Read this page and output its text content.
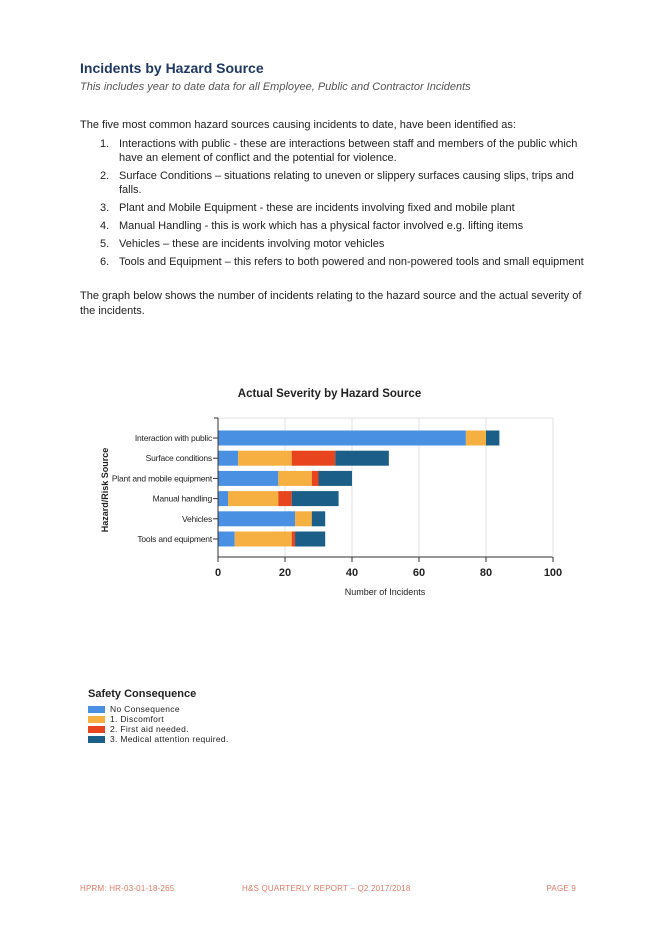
Incidents by Hazard Source

This includes year to date data for all Employee, Public and Contractor Incidents

The five most common hazard sources causing incidents to date, have been identified as:

1. Interactions with public - these are interactions between staff and members of the public which have an element of conflict and the potential for violence.
2. Surface Conditions – situations relating to uneven or slippery surfaces causing slips, trips and falls.
3. Plant and Mobile Equipment - these are incidents involving fixed and mobile plant
4. Manual Handling - this is work which has a physical factor involved e.g. lifting items
5. Vehicles – these are incidents involving motor vehicles
6. Tools and Equipment – this refers to both powered and non-powered tools and small equipment

The graph below shows the number of incidents relating to the hazard source and the actual severity of the incidents.

Interaction with public
Surface conditions
Plant and mobile equipment
Manual handling
Vehicles
Tools and equipment
0	20	40	60	80	100
Actual Severity by Hazard Source
Number of Incidents
Hazard/Risk Source
Safety Consequence
No Consequence
1. Discomfort
2. First aid needed.
3. Medical attention required.
HPRM: HR-03-01-18-265	H&S QUARTERLY REPORT – Q2 2017/2018	PAGE 9
